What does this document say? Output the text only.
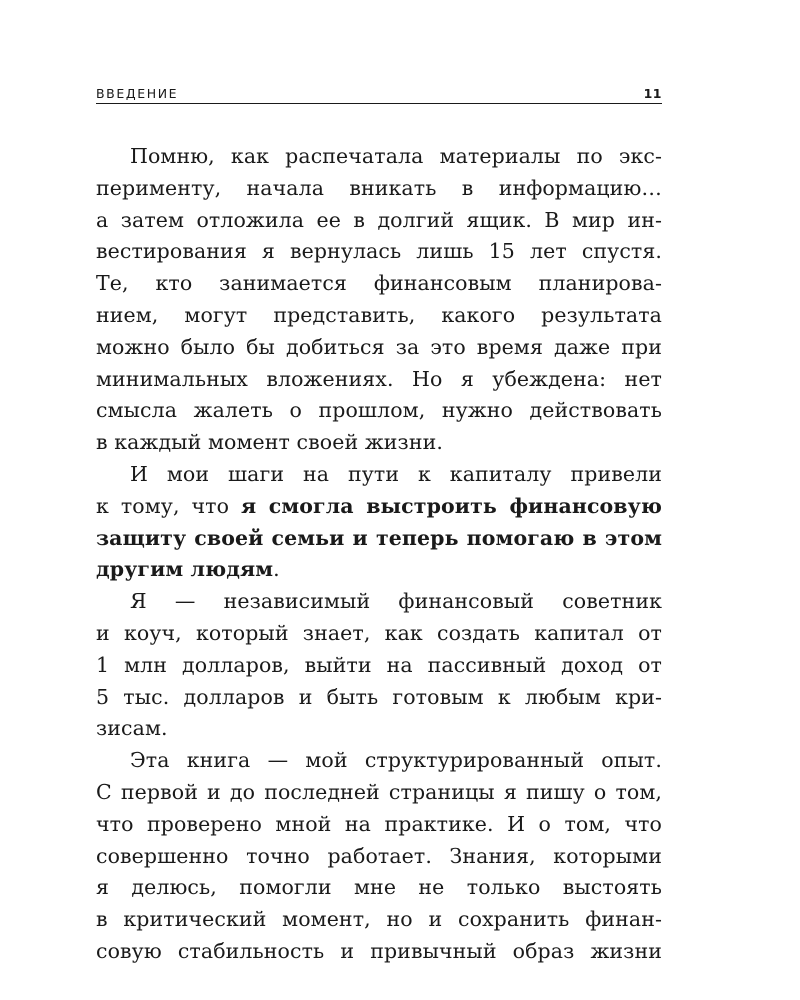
ВВЕДЕНИЕ	11
Помню, как распечатала материалы по экс-
перименту, начала вникать в информацию…
а затем отложила ее в долгий ящик. В мир ин-
вестирования я вернулась лишь 15 лет спустя.
Те, кто занимается финансовым планирова-
нием, могут представить, какого результата
можно было бы добиться за это время даже при
минимальных вложениях. Но я убеждена: нет
смысла жалеть о прошлом, нужно действовать
в каждый момент своей жизни.
И мои шаги на пути к капиталу привели
к тому, что я смогла выстроить финансовую
защиту своей семьи и теперь помогаю в этом
другим людям.
Я — независимый финансовый советник
и коуч, который знает, как создать капитал от
1 млн долларов, выйти на пассивный доход от
5 тыс. долларов и быть готовым к любым кри-
зисам.
Эта книга — мой структурированный опыт.
С первой и до последней страницы я пишу о том,
что проверено мной на практике. И о том, что
совершенно точно работает. Знания, которыми
я делюсь, помогли мне не только выстоять
в критический момент, но и сохранить финан-
совую стабильность и привычный образ жизни
